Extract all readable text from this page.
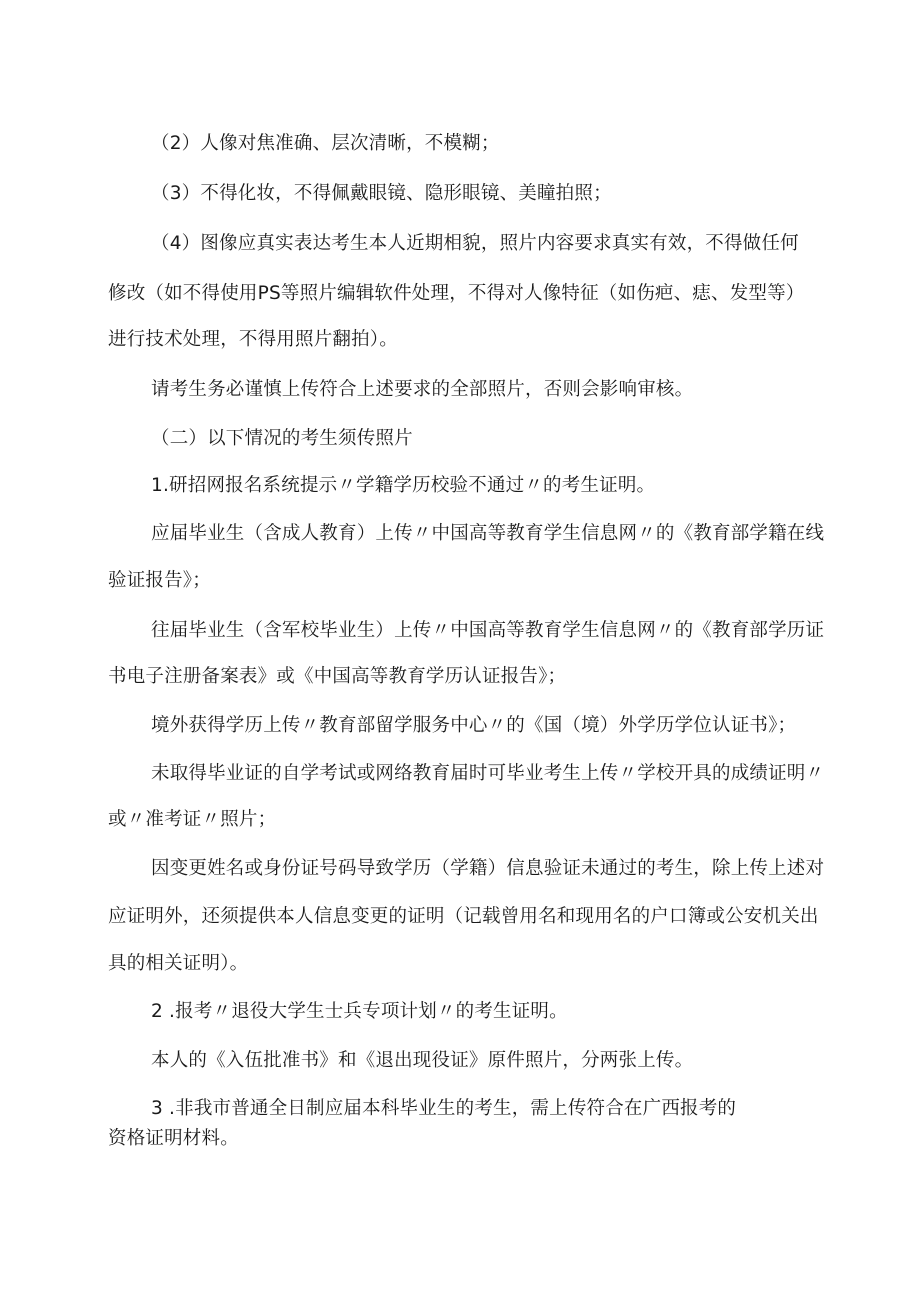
（2）人像对焦准确、层次清晰，不模糊；
（3）不得化妆，不得佩戴眼镜、隐形眼镜、美瞳拍照；
（4）图像应真实表达考生本人近期相貌，照片内容要求真实有效，不得做任何
修改（如不得使用PS等照片编辑软件处理，不得对人像特征（如伤疤、痣、发型等）
进行技术处理，不得用照片翻拍）。
请考生务必谨慎上传符合上述要求的全部照片，否则会影响审核。
（二）以下情况的考生须传照片
1.研招网报名系统提示〃学籍学历校验不通过〃的考生证明。
应届毕业生（含成人教育）上传〃中国高等教育学生信息网〃的《教育部学籍在线
验证报告》；
往届毕业生（含军校毕业生）上传〃中国高等教育学生信息网〃的《教育部学历证
书电子注册备案表》或《中国高等教育学历认证报告》；
境外获得学历上传〃教育部留学服务中心〃的《国（境）外学历学位认证书》；
未取得毕业证的自学考试或网络教育届时可毕业考生上传〃学校开具的成绩证明〃
或〃准考证〃照片；
因变更姓名或身份证号码导致学历（学籍）信息验证未通过的考生，除上传上述对
应证明外，还须提供本人信息变更的证明（记载曾用名和现用名的户口簿或公安机关出
具的相关证明）。
2 .报考〃退役大学生士兵专项计划〃的考生证明。
本人的《入伍批准书》和《退出现役证》原件照片，分两张上传。
3 .非我市普通全日制应届本科毕业生的考生，需上传符合在广西报考的
资格证明材料。
